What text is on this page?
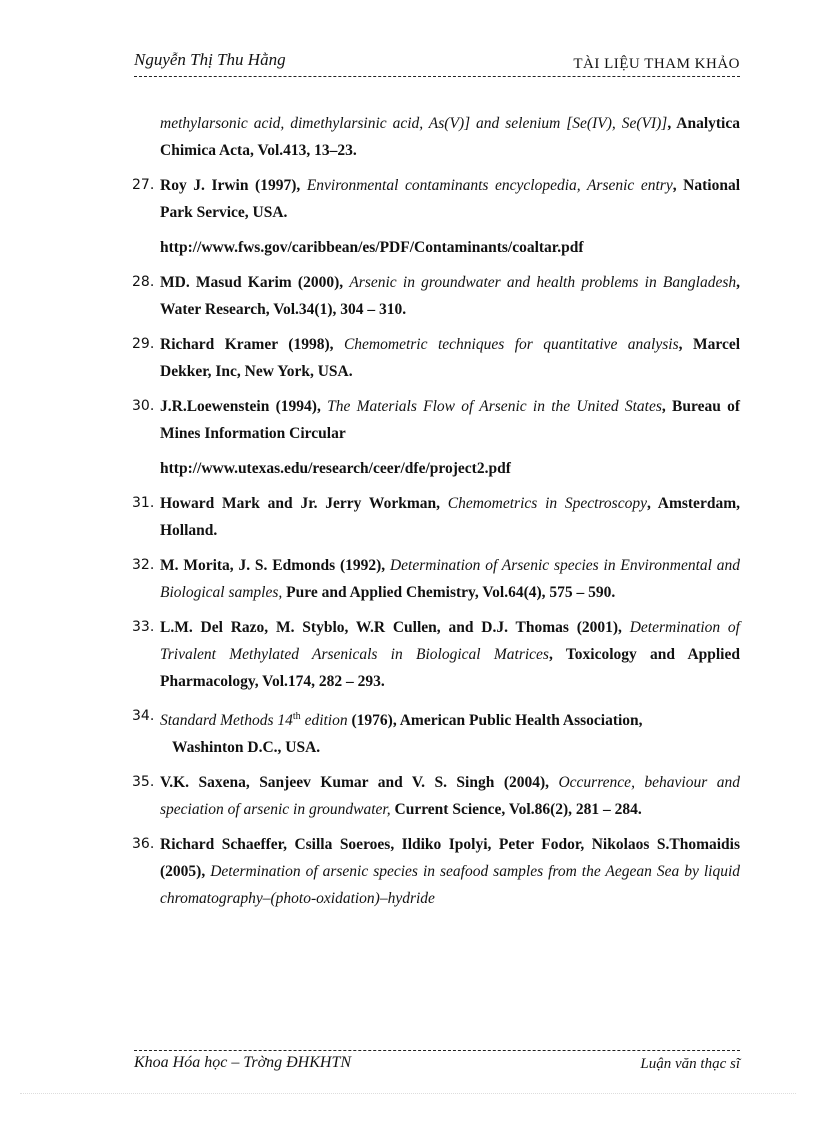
Nguyễn Thị Thu Hằng	TÀI LIỆU THAM KHẢO
methylarsonic acid, dimethylarsinic acid, As(V)] and selenium [Se(IV), Se(VI)], Analytica Chimica Acta, Vol.413, 13–23.
27. Roy J. Irwin (1997), Environmental contaminants encyclopedia, Arsenic entry, National Park Service, USA.
http://www.fws.gov/caribbean/es/PDF/Contaminants/coaltar.pdf
28. MD. Masud Karim (2000), Arsenic in groundwater and health problems in Bangladesh, Water Research, Vol.34(1), 304 – 310.
29. Richard Kramer (1998), Chemometric techniques for quantitative analysis, Marcel Dekker, Inc, New York, USA.
30. J.R.Loewenstein (1994), The Materials Flow of Arsenic in the United States, Bureau of Mines Information Circular
http://www.utexas.edu/research/ceer/dfe/project2.pdf
31. Howard Mark and Jr. Jerry Workman, Chemometrics in Spectroscopy, Amsterdam, Holland.
32. M. Morita, J. S. Edmonds (1992), Determination of Arsenic species in Environmental and Biological samples, Pure and Applied Chemistry, Vol.64(4), 575 – 590.
33. L.M. Del Razo, M. Styblo, W.R Cullen, and D.J. Thomas (2001), Determination of Trivalent Methylated Arsenicals in Biological Matrices, Toxicology and Applied Pharmacology, Vol.174, 282 – 293.
34. Standard Methods 14th edition (1976), American Public Health Association,
Washinton D.C., USA.
35. V.K. Saxena, Sanjeev Kumar and V. S. Singh (2004), Occurrence, behaviour and speciation of arsenic in groundwater, Current Science, Vol.86(2), 281 – 284.
36. Richard Schaeffer, Csilla Soeroes, Ildiko Ipolyi, Peter Fodor, Nikolaos S.Thomaidis (2005), Determination of arsenic species in seafood samples from the Aegean Sea by liquid chromatography–(photo-oxidation)–hydride
Khoa Hóa học – Trờng ĐHKHTN	Luận văn thạc sĩ
